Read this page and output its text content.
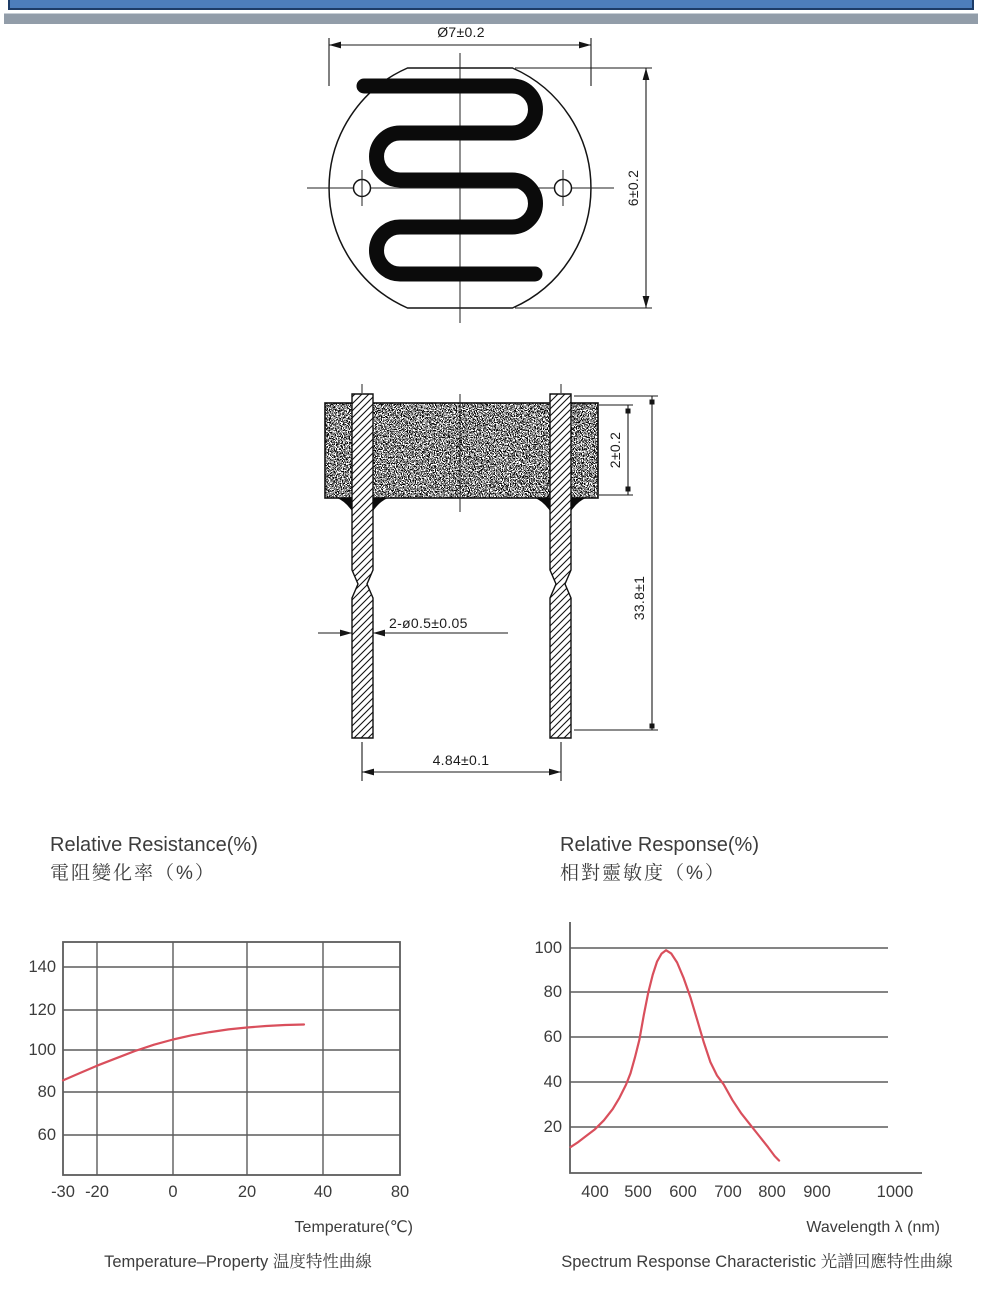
Ø7±0.2
6±0.2
2±0.2
33.8±1
2-ø0.5±0.05
4.84±0.1
Relative Resistance(%)
電阻變化率（%）
140
120
100
80
60
-30 -20	0	20	40	80
Temperature(℃)
Temperature–Property 温度特性曲線
Relative Response(%)
相對靈敏度（%）
100
80
60
40
20
400 500 600 700 800 900	1000
Wavelength λ (nm)
Spectrum Response Characteristic 光譜回應特性曲線
